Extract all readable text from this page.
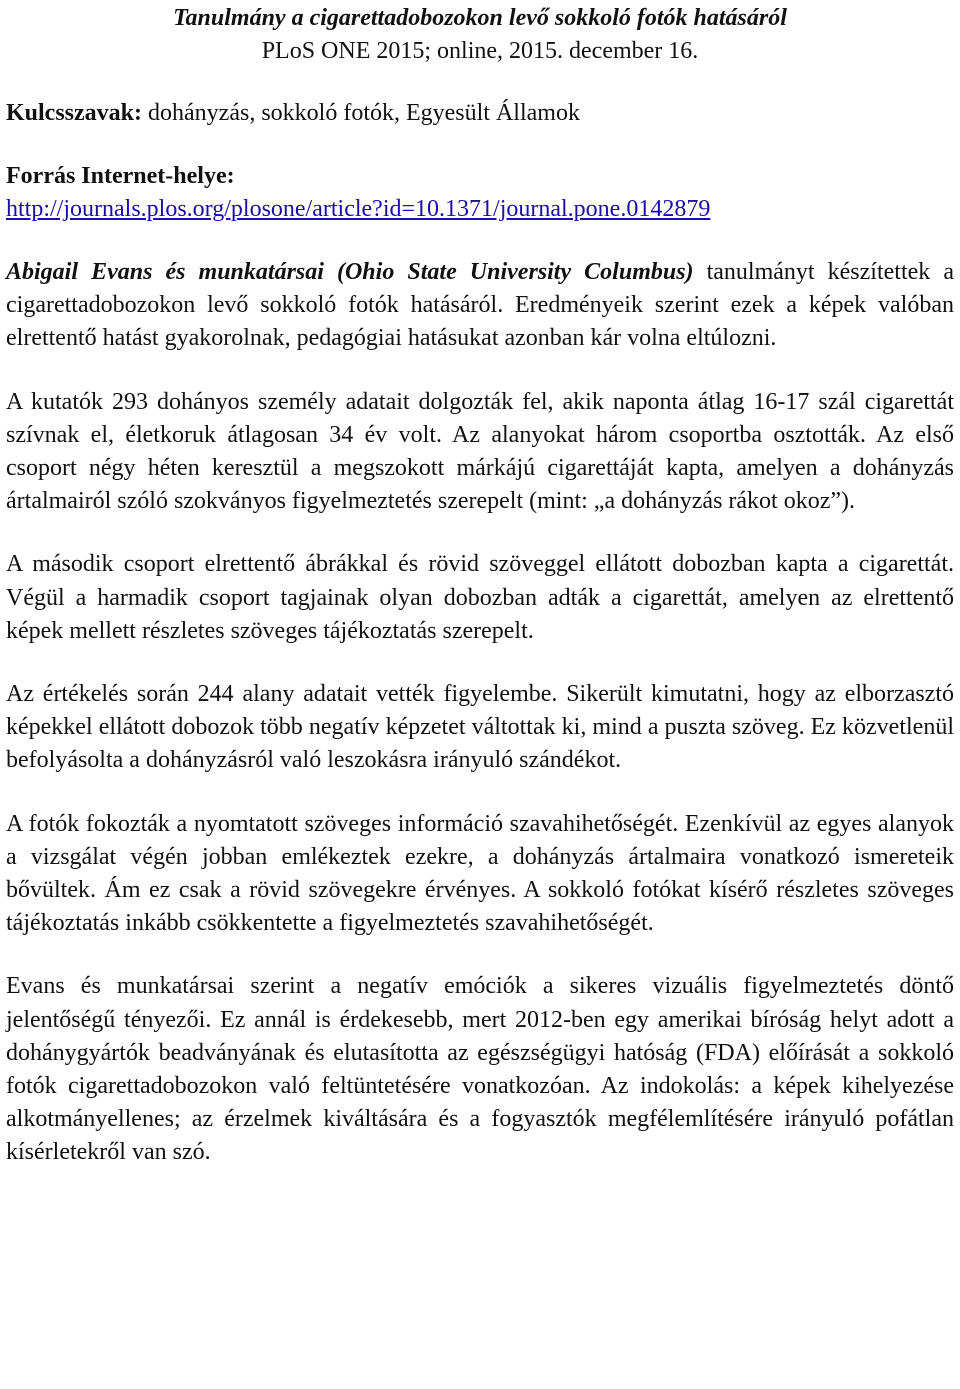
Tanulmány a cigarettadobozokon levő sokkoló fotók hatásáról

PLoS ONE 2015; online, 2015. december 16.

Kulcsszavak: dohányzás, sokkoló fotók, Egyesült Államok

Forrás Internet-helye:

http://journals.plos.org/plosone/article?id=10.1371/journal.pone.0142879

Abigail Evans és munkatársai (Ohio State University Columbus) tanulmányt készítettek a cigarettadobozokon levő sokkoló fotók hatásáról. Eredményeik szerint ezek a képek valóban elrettentő hatást gyakorolnak, pedagógiai hatásukat azonban kár volna eltúlozni.

A kutatók 293 dohányos személy adatait dolgozták fel, akik naponta átlag 16-17 szál cigarettát szívnak el, életkoruk átlagosan 34 év volt. Az alanyokat három csoportba osztották. Az első csoport négy héten keresztül a megszokott márkájú cigarettáját kapta, amelyen a dohányzás ártalmairól szóló szokványos figyelmeztetés szerepelt (mint: „a dohányzás rákot okoz”).

A második csoport elrettentő ábrákkal és rövid szöveggel ellátott dobozban kapta a cigarettát. Végül a harmadik csoport tagjainak olyan dobozban adták a cigarettát, amelyen az elrettentő képek mellett részletes szöveges tájékoztatás szerepelt.

Az értékelés során 244 alany adatait vették figyelembe. Sikerült kimutatni, hogy az elborzasztó képekkel ellátott dobozok több negatív képzetet váltottak ki, mind a puszta szöveg. Ez közvetlenül befolyásolta a dohányzásról való leszokásra irányuló szándékot.

A fotók fokozták a nyomtatott szöveges információ szavahihetőségét. Ezenkívül az egyes alanyok a vizsgálat végén jobban emlékeztek ezekre, a dohányzás ártalmaira vonatkozó ismereteik bővültek. Ám ez csak a rövid szövegekre érvényes. A sokkoló fotókat kísérő részletes szöveges tájékoztatás inkább csökkentette a figyelmeztetés szavahihetőségét.

Evans és munkatársai szerint a negatív emóciók a sikeres vizuális figyelmeztetés döntő jelentőségű tényezői. Ez annál is érdekesebb, mert 2012-ben egy amerikai bíróság helyt adott a dohánygyártók beadványának és elutasította az egészségügyi hatóság (FDA) előírását a sokkoló fotók cigarettadobozokon való feltüntetésére vonatkozóan. Az indokolás: a képek kihelyezése alkotmányellenes; az érzelmek kiváltására és a fogyasztók megfélemlítésére irányuló pofátlan kísérletekről van szó.
